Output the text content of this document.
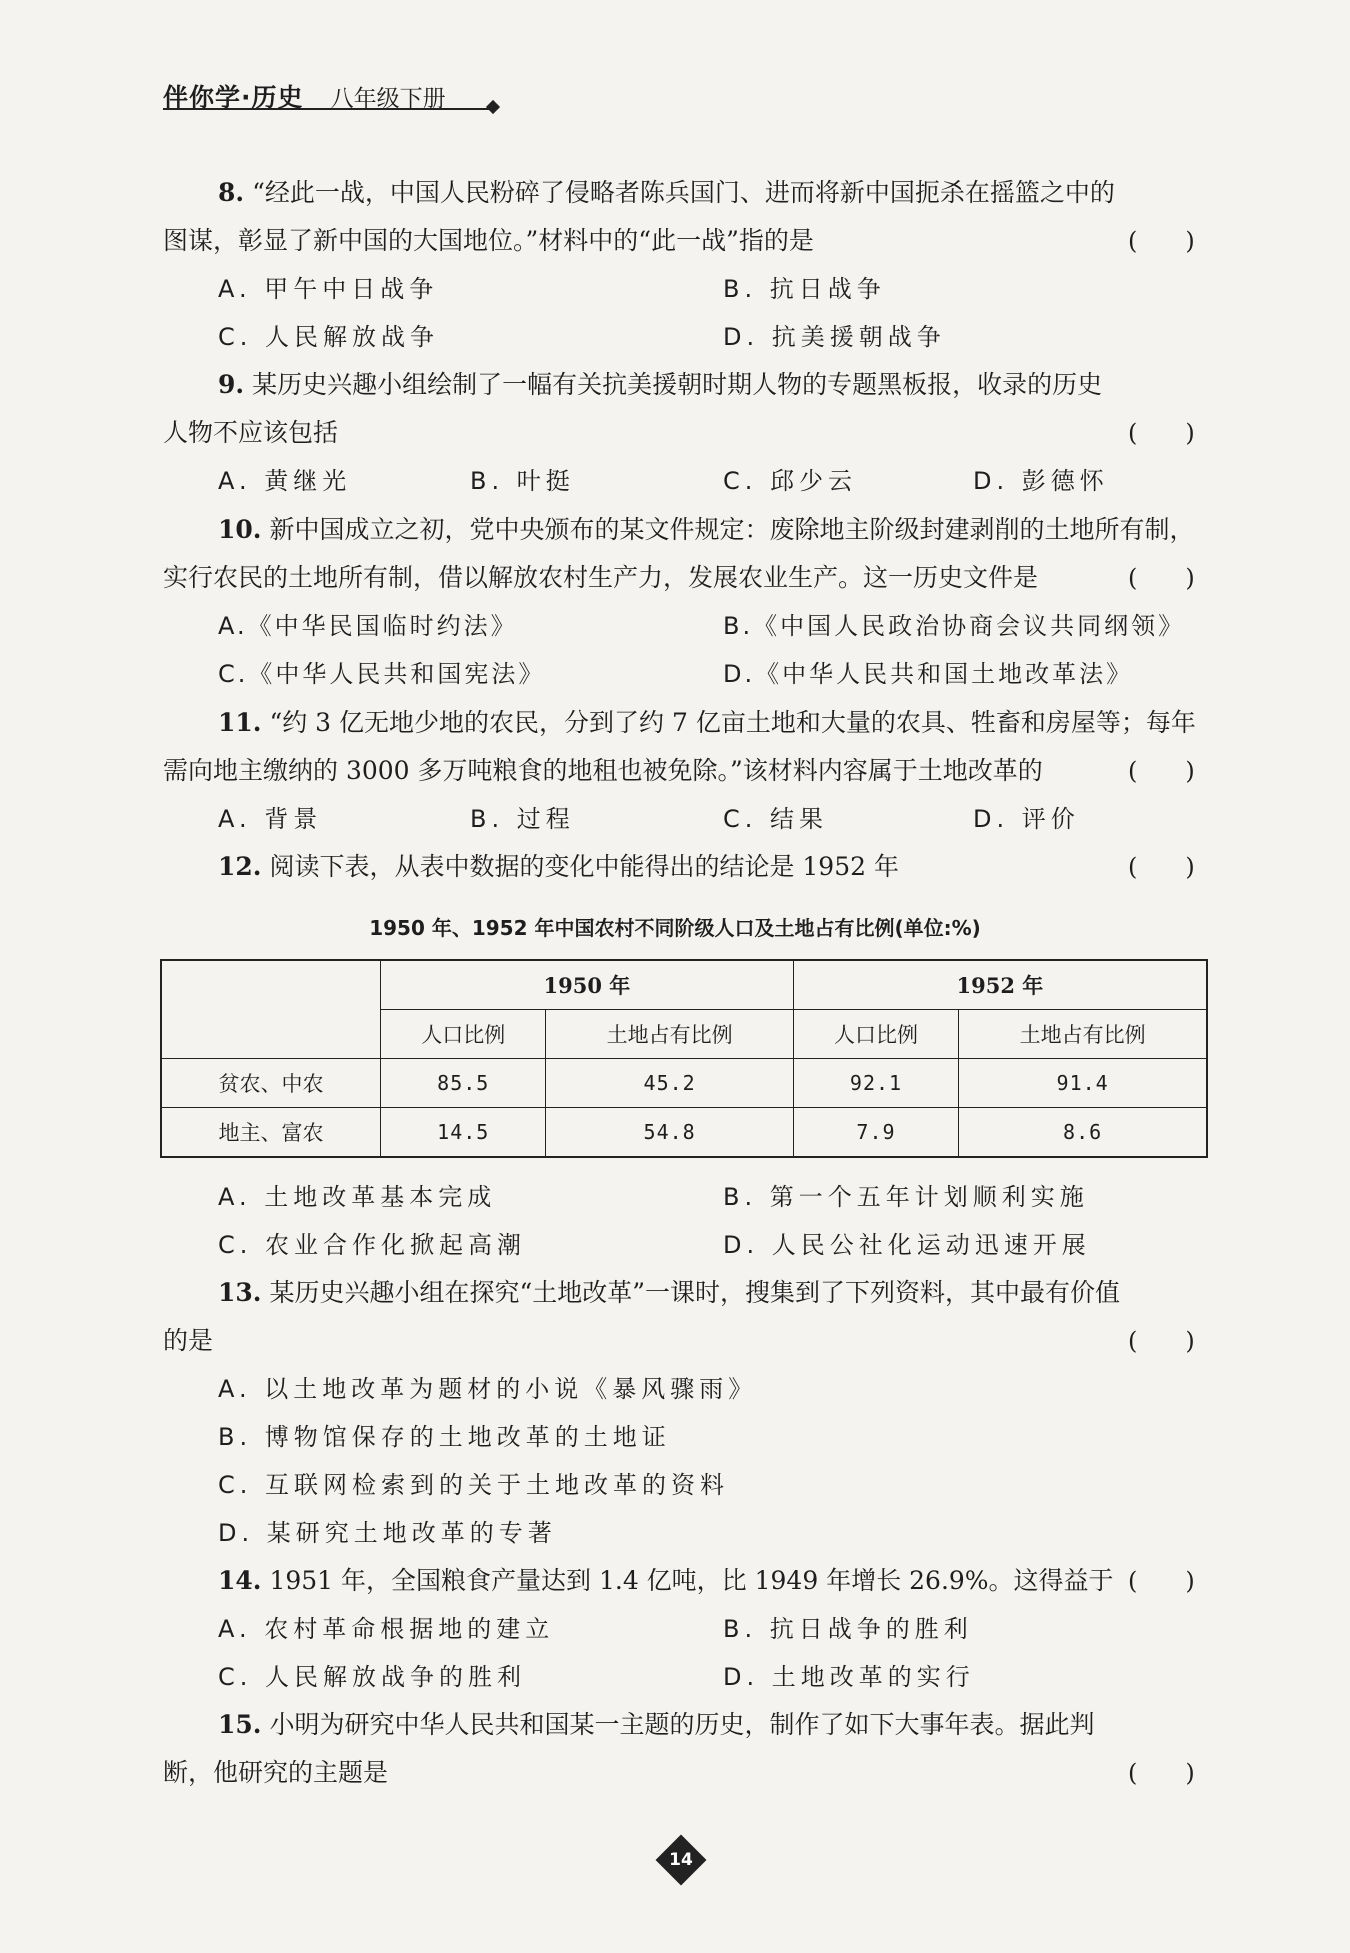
伴你学·历史 八年级下册
8. “经此一战，中国人民粉碎了侵略者陈兵国门、进而将新中国扼杀在摇篮之中的
图谋，彰显了新中国的大国地位。”材料中的“此一战”指的是	( )
A. 甲午中日战争	B. 抗日战争
C. 人民解放战争	D. 抗美援朝战争
9. 某历史兴趣小组绘制了一幅有关抗美援朝时期人物的专题黑板报，收录的历史
人物不应该包括	( )
A. 黄继光	B. 叶挺	C. 邱少云	D. 彭德怀
10. 新中国成立之初，党中央颁布的某文件规定：废除地主阶级封建剥削的土地所有制，
实行农民的土地所有制，借以解放农村生产力，发展农业生产。这一历史文件是	( )
A.《中华民国临时约法》	B.《中国人民政治协商会议共同纲领》
C.《中华人民共和国宪法》	D.《中华人民共和国土地改革法》
11. “约 3 亿无地少地的农民，分到了约 7 亿亩土地和大量的农具、牲畜和房屋等；每年
需向地主缴纳的 3000 多万吨粮食的地租也被免除。”该材料内容属于土地改革的	( )
A. 背景	B. 过程	C. 结果	D. 评价
12. 阅读下表，从表中数据的变化中能得出的结论是 1952 年	( )
1950 年、1952 年中国农村不同阶级人口及土地占有比例(单位:%)
	1950 年		1952 年	
	人口比例	土地占有比例	人口比例	土地占有比例
贫农、中农	85.5	45.2	92.1	91.4
地主、富农	14.5	54.8	7.9	8.6
A. 土地改革基本完成	B. 第一个五年计划顺利实施
C. 农业合作化掀起高潮	D. 人民公社化运动迅速开展
13. 某历史兴趣小组在探究“土地改革”一课时，搜集到了下列资料，其中最有价值
的是	( )
A. 以土地改革为题材的小说《暴风骤雨》
B. 博物馆保存的土地改革的土地证
C. 互联网检索到的关于土地改革的资料
D. 某研究土地改革的专著
14. 1951 年，全国粮食产量达到 1.4 亿吨，比 1949 年增长 26.9%。这得益于 ( )
A. 农村革命根据地的建立	B. 抗日战争的胜利
C. 人民解放战争的胜利	D. 土地改革的实行
15. 小明为研究中华人民共和国某一主题的历史，制作了如下大事年表。据此判
断，他研究的主题是	( )
14
